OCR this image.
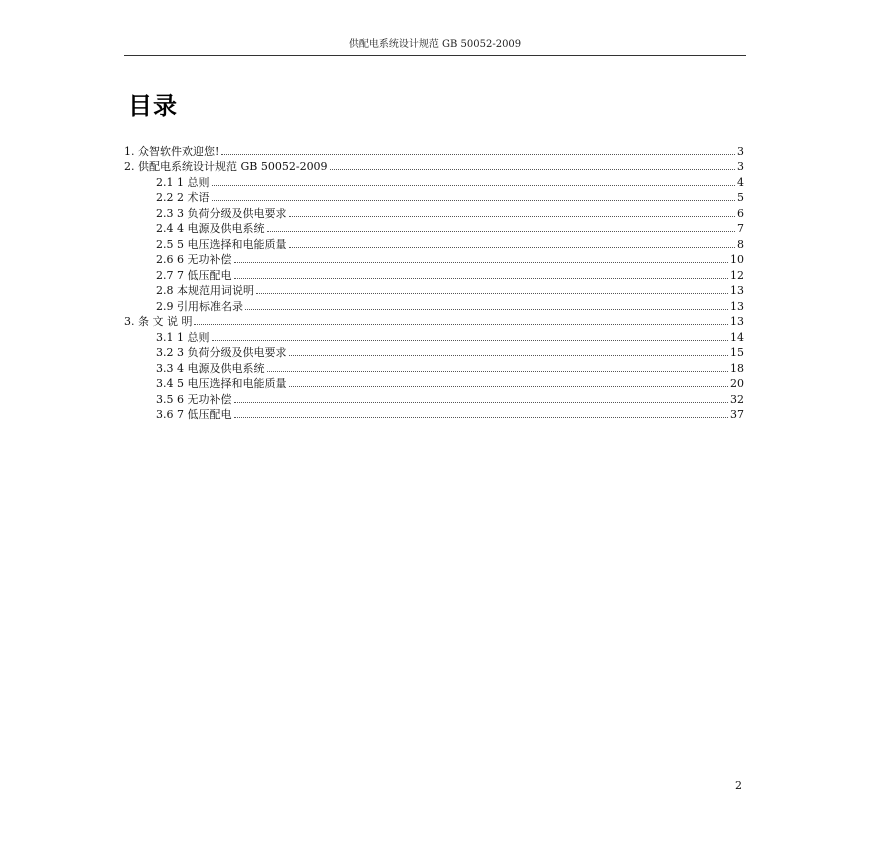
供配电系统设计规范 GB 50052-2009
目录
1. 众智软件欢迎您!	3
2. 供配电系统设计规范 GB 50052-2009	3
2.1 1 总则	4
2.2 2 术语	5
2.3 3 负荷分级及供电要求	6
2.4 4 电源及供电系统	7
2.5 5 电压选择和电能质量	8
2.6 6 无功补偿	10
2.7 7 低压配电	12
2.8 本规范用词说明	13
2.9 引用标准名录	13
3. 条 文 说 明	13
3.1 1 总则	14
3.2 3 负荷分级及供电要求	15
3.3 4 电源及供电系统	18
3.4 5 电压选择和电能质量	20
3.5 6 无功补偿	32
3.6 7 低压配电	37
2
